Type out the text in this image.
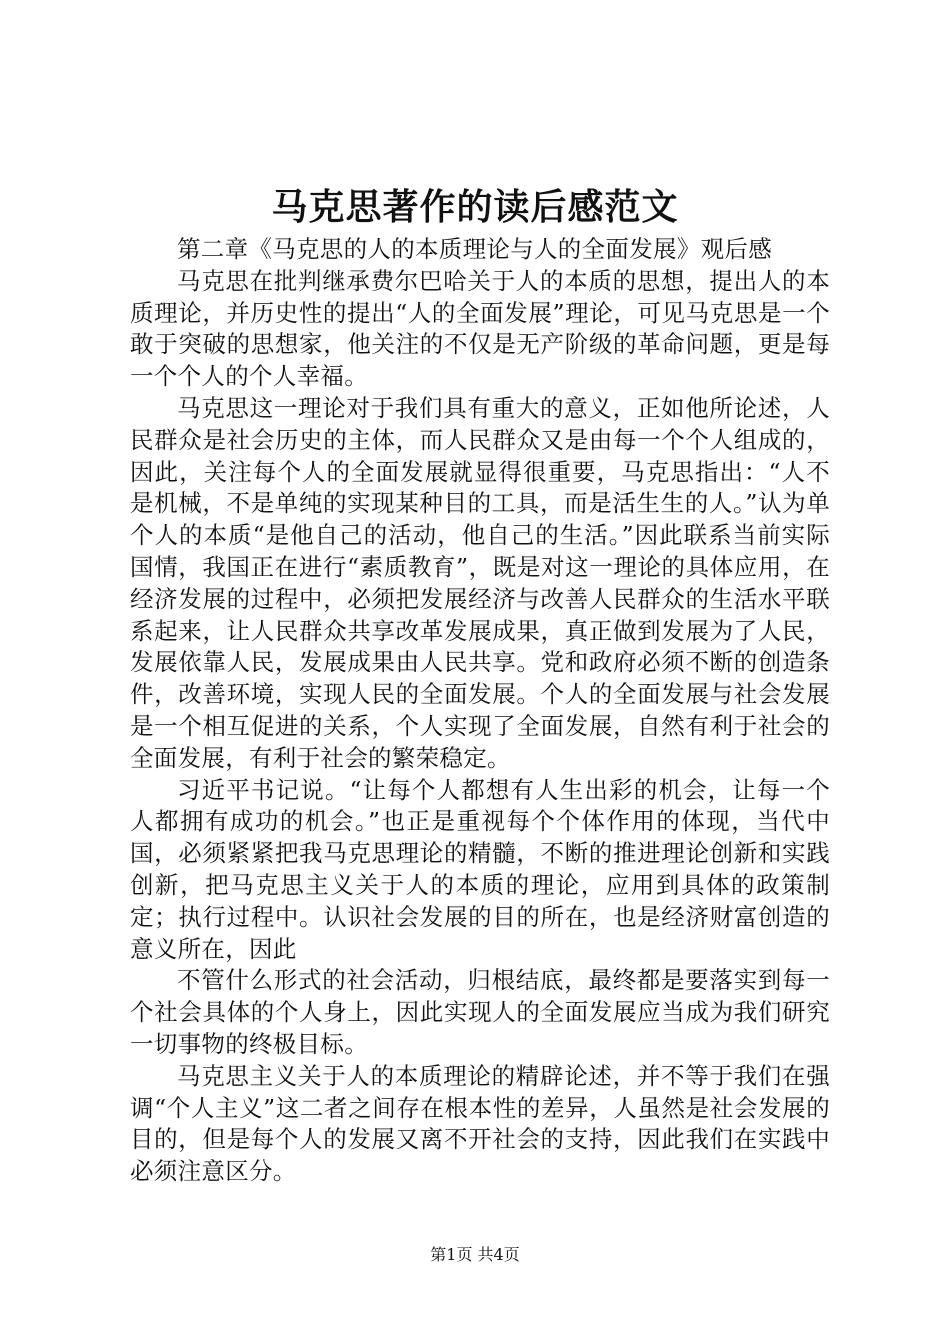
马克思著作的读后感范文

第二章《马克思的人的本质理论与人的全面发展》观后感

马克思在批判继承费尔巴哈关于人的本质的思想，提出人的本质理论，并历史性的提出“人的全面发展”理论，可见马克思是一个敢于突破的思想家，他关注的不仅是无产阶级的革命问题，更是每一个个人的个人幸福。

马克思这一理论对于我们具有重大的意义，正如他所论述，人民群众是社会历史的主体，而人民群众又是由每一个个人组成的，因此，关注每个人的全面发展就显得很重要，马克思指出：“人不是机械，不是单纯的实现某种目的工具，而是活生生的人。”认为单个人的本质“是他自己的活动，他自己的生活。”因此联系当前实际国情，我国正在进行“素质教育”，既是对这一理论的具体应用，在经济发展的过程中，必须把发展经济与改善人民群众的生活水平联系起来，让人民群众共享改革发展成果，真正做到发展为了人民，发展依靠人民，发展成果由人民共享。党和政府必须不断的创造条件，改善环境，实现人民的全面发展。个人的全面发展与社会发展是一个相互促进的关系，个人实现了全面发展，自然有利于社会的全面发展，有利于社会的繁荣稳定。

习近平书记说。“让每个人都想有人生出彩的机会，让每一个人都拥有成功的机会。”也正是重视每个个体作用的体现，当代中国，必须紧紧把我马克思理论的精髓，不断的推进理论创新和实践创新，把马克思主义关于人的本质的理论，应用到具体的政策制定；执行过程中。认识社会发展的目的所在，也是经济财富创造的意义所在，因此

不管什么形式的社会活动，归根结底，最终都是要落实到每一个社会具体的个人身上，因此实现人的全面发展应当成为我们研究一切事物的终极目标。

马克思主义关于人的本质理论的精辟论述，并不等于我们在强调“个人主义”这二者之间存在根本性的差异，人虽然是社会发展的目的，但是每个人的发展又离不开社会的支持，因此我们在实践中必须注意区分。

第1页 共4页
